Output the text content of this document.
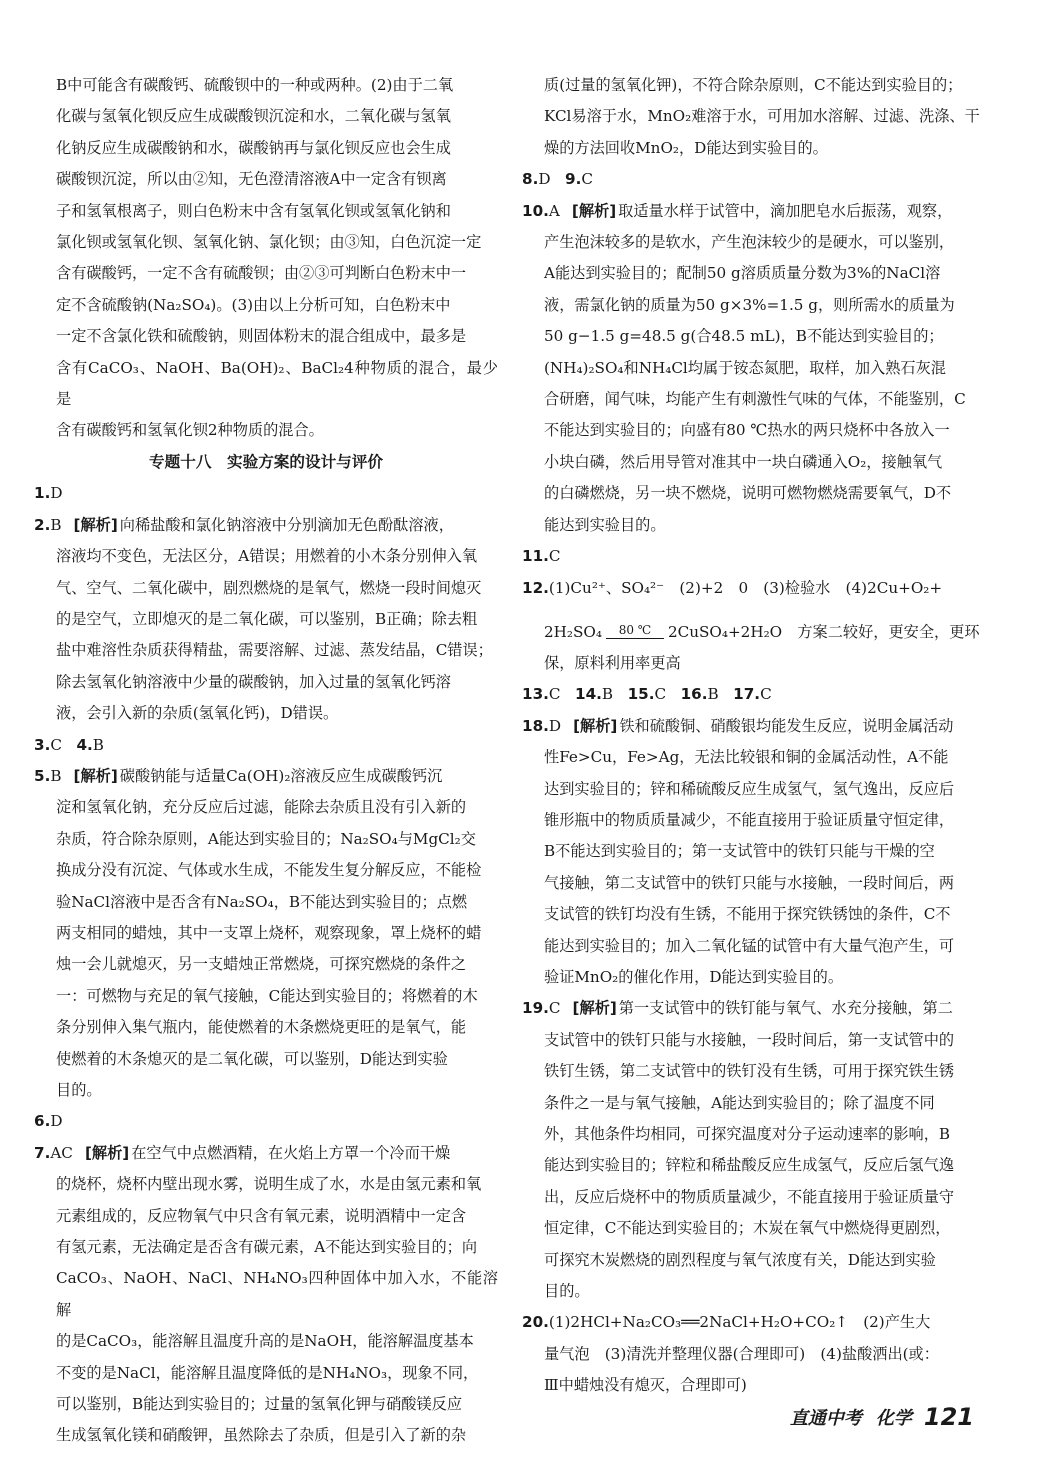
B中可能含有碳酸钙、硫酸钡中的一种或两种。(2)由于二氧
化碳与氢氧化钡反应生成碳酸钡沉淀和水，二氧化碳与氢氧
化钠反应生成碳酸钠和水，碳酸钠再与氯化钡反应也会生成
碳酸钡沉淀，所以由②知，无色澄清溶液A中一定含有钡离
子和氢氧根离子，则白色粉末中含有氢氧化钡或氢氧化钠和
氯化钡或氢氧化钡、氢氧化钠、氯化钡；由③知，白色沉淀一定
含有碳酸钙，一定不含有硫酸钡；由②③可判断白色粉末中一
定不含硫酸钠(Na₂SO₄)。(3)由以上分析可知，白色粉末中
一定不含氯化铁和硫酸钠，则固体粉末的混合组成中，最多是
含有CaCO₃、NaOH、Ba(OH)₂、BaCl₂4种物质的混合，最少是
含有碳酸钙和氢氧化钡2种物质的混合。

专题十八　实验方案的设计与评价

1.D

2.B [解析] 向稀盐酸和氯化钠溶液中分别滴加无色酚酞溶液，
溶液均不变色，无法区分，A错误；用燃着的小木条分别伸入氧
气、空气、二氧化碳中，剧烈燃烧的是氧气，燃烧一段时间熄灭
的是空气，立即熄灭的是二氧化碳，可以鉴别，B正确；除去粗
盐中难溶性杂质获得精盐，需要溶解、过滤、蒸发结晶，C错误；
除去氢氧化钠溶液中少量的碳酸钠，加入过量的氢氧化钙溶
液，会引入新的杂质(氢氧化钙)，D错误。

3.C 4.B

5.B [解析] 碳酸钠能与适量Ca(OH)₂溶液反应生成碳酸钙沉
淀和氢氧化钠，充分反应后过滤，能除去杂质且没有引入新的
杂质，符合除杂原则，A能达到实验目的；Na₂SO₄与MgCl₂交
换成分没有沉淀、气体或水生成，不能发生复分解反应，不能检
验NaCl溶液中是否含有Na₂SO₄，B不能达到实验目的；点燃
两支相同的蜡烛，其中一支罩上烧杯，观察现象，罩上烧杯的蜡
烛一会儿就熄灭，另一支蜡烛正常燃烧，可探究燃烧的条件之
一：可燃物与充足的氧气接触，C能达到实验目的；将燃着的木
条分别伸入集气瓶内，能使燃着的木条燃烧更旺的是氧气，能
使燃着的木条熄灭的是二氧化碳，可以鉴别，D能达到实验
目的。

6.D

7.AC [解析] 在空气中点燃酒精，在火焰上方罩一个冷而干燥
的烧杯，烧杯内壁出现水雾，说明生成了水，水是由氢元素和氧
元素组成的，反应物氧气中只含有氧元素，说明酒精中一定含
有氢元素，无法确定是否含有碳元素，A不能达到实验目的；向
CaCO₃、NaOH、NaCl、NH₄NO₃四种固体中加入水，不能溶解
的是CaCO₃，能溶解且温度升高的是NaOH，能溶解温度基本
不变的是NaCl，能溶解且温度降低的是NH₄NO₃，现象不同，
可以鉴别，B能达到实验目的；过量的氢氧化钾与硝酸镁反应
生成氢氧化镁和硝酸钾，虽然除去了杂质，但是引入了新的杂

质(过量的氢氧化钾)，不符合除杂原则，C不能达到实验目的；
KCl易溶于水，MnO₂难溶于水，可用加水溶解、过滤、洗涤、干
燥的方法回收MnO₂，D能达到实验目的。

8.D 9.C

10.A [解析] 取适量水样于试管中，滴加肥皂水后振荡，观察，
产生泡沫较多的是软水，产生泡沫较少的是硬水，可以鉴别，
A能达到实验目的；配制50 g溶质质量分数为3%的NaCl溶
液，需氯化钠的质量为50 g×3%=1.5 g，则所需水的质量为
50 g−1.5 g=48.5 g(合48.5 mL)，B不能达到实验目的；
(NH₄)₂SO₄和NH₄Cl均属于铵态氮肥，取样，加入熟石灰混
合研磨，闻气味，均能产生有刺激性气味的气体，不能鉴别，C
不能达到实验目的；向盛有80 ℃热水的两只烧杯中各放入一
小块白磷，然后用导管对准其中一块白磷通入O₂，接触氧气
的白磷燃烧，另一块不燃烧，说明可燃物燃烧需要氧气，D不
能达到实验目的。

11.C

12.(1)Cu²⁺、SO₄²⁻　(2)+2　0　(3)检验水　(4)2Cu+O₂+

2H₂SO₄	80 ℃	2CuSO₄+2H₂O　方案二较好，更安全，更环

保，原料利用率更高

13.C 14.B 15.C 16.B 17.C

18.D [解析] 铁和硫酸铜、硝酸银均能发生反应，说明金属活动
性Fe>Cu，Fe>Ag，无法比较银和铜的金属活动性，A不能
达到实验目的；锌和稀硫酸反应生成氢气，氢气逸出，反应后
锥形瓶中的物质质量减少，不能直接用于验证质量守恒定律，
B不能达到实验目的；第一支试管中的铁钉只能与干燥的空
气接触，第二支试管中的铁钉只能与水接触，一段时间后，两
支试管的铁钉均没有生锈，不能用于探究铁锈蚀的条件，C不
能达到实验目的；加入二氧化锰的试管中有大量气泡产生，可
验证MnO₂的催化作用，D能达到实验目的。

19.C [解析] 第一支试管中的铁钉能与氧气、水充分接触，第二
支试管中的铁钉只能与水接触，一段时间后，第一支试管中的
铁钉生锈，第二支试管中的铁钉没有生锈，可用于探究铁生锈
条件之一是与氧气接触，A能达到实验目的；除了温度不同
外，其他条件均相同，可探究温度对分子运动速率的影响，B
能达到实验目的；锌粒和稀盐酸反应生成氢气，反应后氢气逸
出，反应后烧杯中的物质质量减少，不能直接用于验证质量守
恒定律，C不能达到实验目的；木炭在氧气中燃烧得更剧烈，
可探究木炭燃烧的剧烈程度与氧气浓度有关，D能达到实验
目的。

20.(1)2HCl+Na₂CO₃══2NaCl+H₂O+CO₂↑　(2)产生大
量气泡　(3)清洗并整理仪器(合理即可)　(4)盐酸洒出(或：
Ⅲ中蜡烛没有熄灭，合理即可)

直通中考 化学 121
